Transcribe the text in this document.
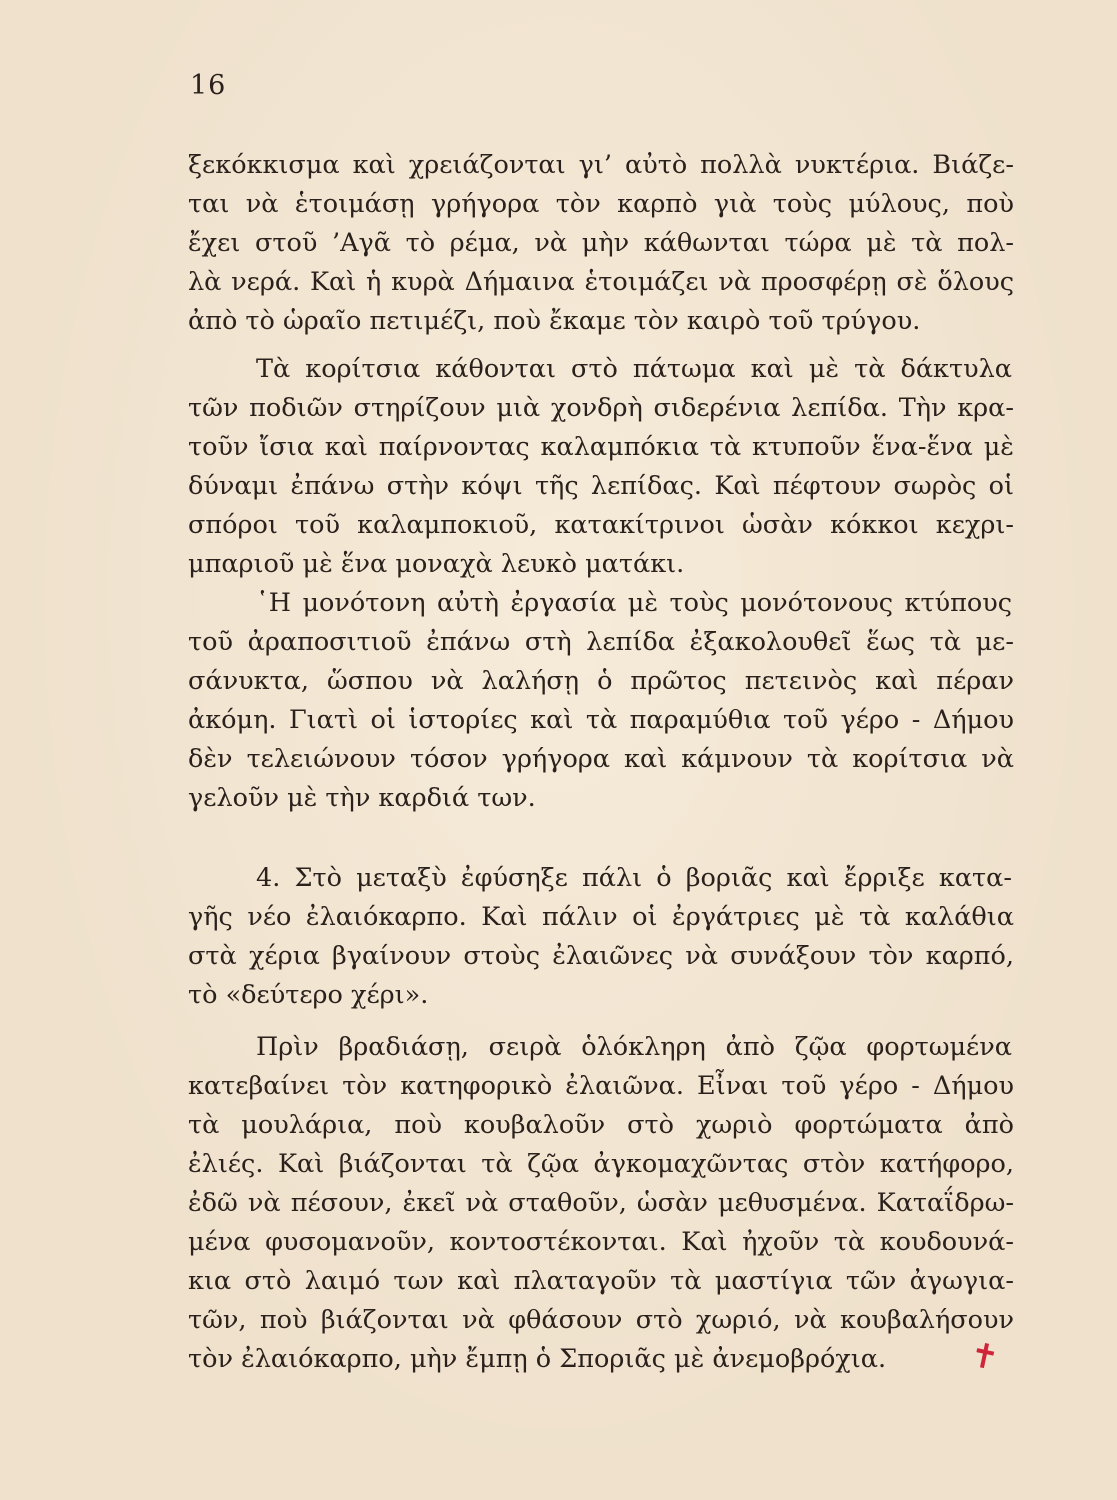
16
ξεκόκκισμα καὶ χρειάζονται γι’ αὐτὸ πολλὰ νυκτέρια. Βιάζε-
ται νὰ ἑτοιμάσῃ γρήγορα τὸν καρπὸ γιὰ τοὺς μύλους, ποὺ
ἔχει στοῦ ’Αγᾶ τὸ ρέμα, νὰ μὴν κάθωνται τώρα μὲ τὰ πολ-
λὰ νερά. Καὶ ἡ κυρὰ Δήμαινα ἑτοιμάζει νὰ προσφέρῃ σὲ ὅλους
ἀπὸ τὸ ὡραῖο πετιμέζι, ποὺ ἔκαμε τὸν καιρὸ τοῦ τρύγου.
Τὰ κορίτσια κάθονται στὸ πάτωμα καὶ μὲ τὰ δάκτυλα
τῶν ποδιῶν στηρίζουν μιὰ χονδρὴ σιδερένια λεπίδα. Τὴν κρα-
τοῦν ἴσια καὶ παίρνοντας καλαμπόκια τὰ κτυποῦν ἕνα-ἕνα μὲ
δύναμι ἐπάνω στὴν κόψι τῆς λεπίδας. Καὶ πέφτουν σωρὸς οἱ
σπόροι τοῦ καλαμποκιοῦ, κατακίτρινοι ὡσὰν κόκκοι κεχρι-
μπαριοῦ μὲ ἕνα μοναχὰ λευκὸ ματάκι.
῾Η μονότονη αὐτὴ ἐργασία μὲ τοὺς μονότονους κτύπους
τοῦ ἀραποσιτιοῦ ἐπάνω στὴ λεπίδα ἐξακολουθεῖ ἕως τὰ με-
σάνυκτα, ὥσπου νὰ λαλήσῃ ὁ πρῶτος πετεινὸς καὶ πέραν
ἀκόμη. Γιατὶ οἱ ἱστορίες καὶ τὰ παραμύθια τοῦ γέρο - Δήμου
δὲν τελειώνουν τόσον γρήγορα καὶ κάμνουν τὰ κορίτσια νὰ
γελοῦν μὲ τὴν καρδιά των.
4. Στὸ μεταξὺ ἐφύσηξε πάλι ὁ βοριᾶς καὶ ἔρριξε κατα-
γῆς νέο ἐλαιόκαρπο. Καὶ πάλιν οἱ ἐργάτριες μὲ τὰ καλάθια
στὰ χέρια βγαίνουν στοὺς ἐλαιῶνες νὰ συνάξουν τὸν καρπό,
τὸ «δεύτερο χέρι».
Πρὶν βραδιάσῃ, σειρὰ ὁλόκληρη ἀπὸ ζῷα φορτωμένα
κατεβαίνει τὸν κατηφορικὸ ἐλαιῶνα. Εἶναι τοῦ γέρο - Δήμου
τὰ μουλάρια, ποὺ κουβαλοῦν στὸ χωριὸ φορτώματα ἀπὸ
ἐλιές. Καὶ βιάζονται τὰ ζῷα ἀγκομαχῶντας στὸν κατήφορο,
ἐδῶ νὰ πέσουν, ἐκεῖ νὰ σταθοῦν, ὡσὰν μεθυσμένα. Καταΐδρω-
μένα φυσομανοῦν, κοντοστέκονται. Καὶ ἠχοῦν τὰ κουδουνά-
κια στὸ λαιμό των καὶ πλαταγοῦν τὰ μαστίγια τῶν ἀγωγια-
τῶν, ποὺ βιάζονται νὰ φθάσουν στὸ χωριό, νὰ κουβαλήσουν
τὸν ἐλαιόκαρπο, μὴν ἔμπῃ ὁ Σποριᾶς μὲ ἀνεμοβρόχια.	✝
